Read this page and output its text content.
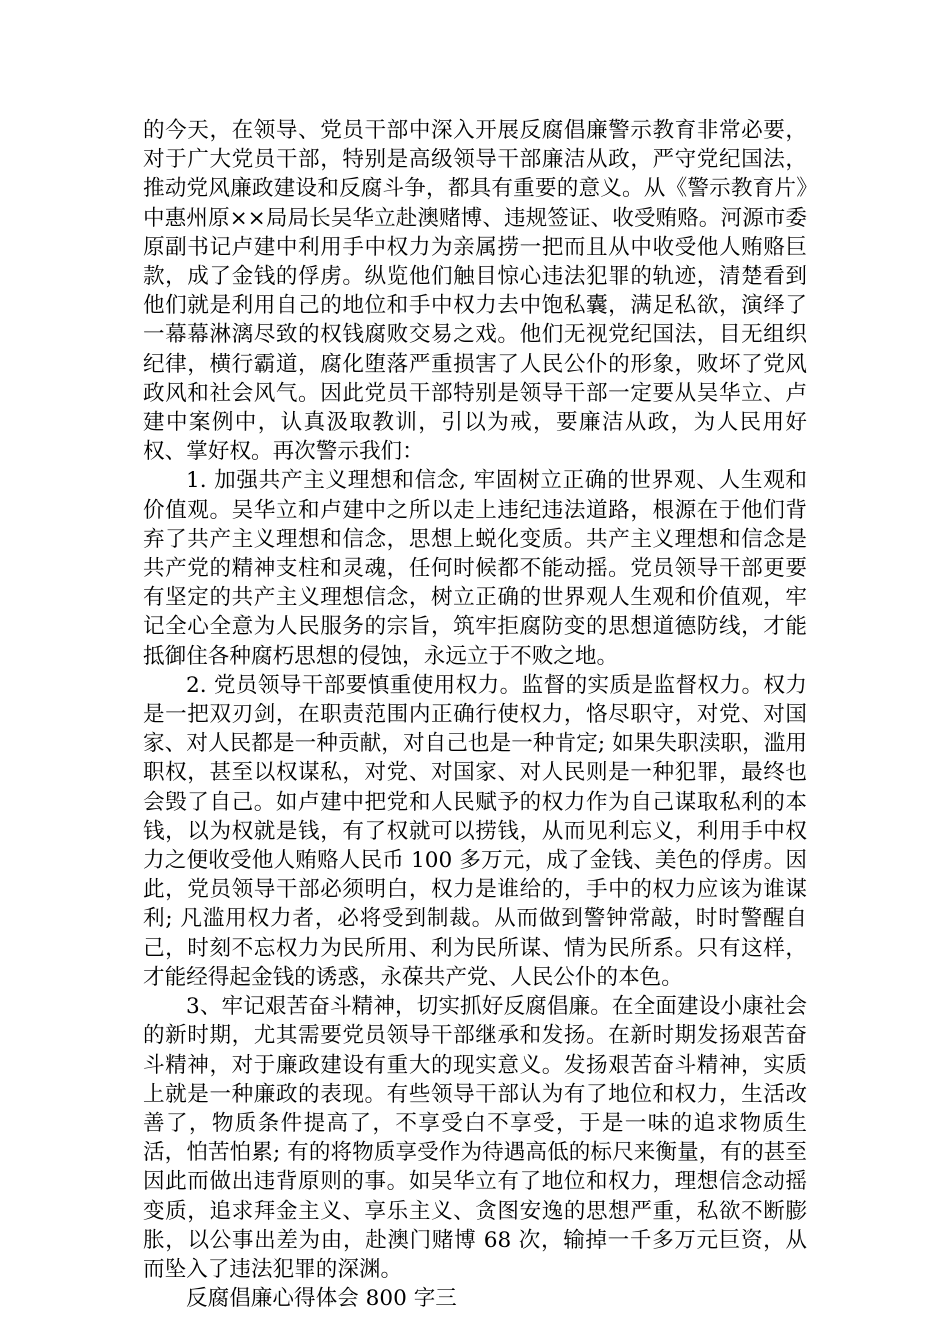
的今天，在领导、党员干部中深入开展反腐倡廉警示教育非常必要，对于广大党员干部，特别是高级领导干部廉洁从政，严守党纪国法，推动党风廉政建设和反腐斗争，都具有重要的意义。从《警示教育片》中惠州原××局局长吴华立赴澳赌博、违规签证、收受贿赂。河源市委原副书记卢建中利用手中权力为亲属捞一把而且从中收受他人贿赂巨款，成了金钱的俘虏。纵览他们触目惊心违法犯罪的轨迹，清楚看到他们就是利用自己的地位和手中权力去中饱私囊，满足私欲，演绎了一幕幕淋漓尽致的权钱腐败交易之戏。他们无视党纪国法，目无组织纪律，横行霸道，腐化堕落严重损害了人民公仆的形象，败坏了党风政风和社会风气。因此党员干部特别是领导干部一定要从吴华立、卢建中案例中，认真汲取教训，引以为戒，要廉洁从政，为人民用好权、掌好权。再次警示我们：

1. 加强共产主义理想和信念, 牢固树立正确的世界观、人生观和价值观。吴华立和卢建中之所以走上违纪违法道路，根源在于他们背弃了共产主义理想和信念，思想上蜕化变质。共产主义理想和信念是共产党的精神支柱和灵魂，任何时候都不能动摇。党员领导干部更要有坚定的共产主义理想信念，树立正确的世界观人生观和价值观，牢记全心全意为人民服务的宗旨，筑牢拒腐防变的思想道德防线，才能抵御住各种腐朽思想的侵蚀，永远立于不败之地。

2. 党员领导干部要慎重使用权力。监督的实质是监督权力。权力是一把双刃剑，在职责范围内正确行使权力，恪尽职守，对党、对国家、对人民都是一种贡献，对自己也是一种肯定; 如果失职渎职，滥用职权，甚至以权谋私，对党、对国家、对人民则是一种犯罪，最终也会毁了自己。如卢建中把党和人民赋予的权力作为自己谋取私利的本钱，以为权就是钱，有了权就可以捞钱，从而见利忘义，利用手中权力之便收受他人贿赂人民币 100 多万元，成了金钱、美色的俘虏。因此，党员领导干部必须明白，权力是谁给的，手中的权力应该为谁谋利; 凡滥用权力者，必将受到制裁。从而做到警钟常敲，时时警醒自己，时刻不忘权力为民所用、利为民所谋、情为民所系。只有这样，才能经得起金钱的诱惑，永葆共产党、人民公仆的本色。

3、牢记艰苦奋斗精神，切实抓好反腐倡廉。在全面建设小康社会的新时期，尤其需要党员领导干部继承和发扬。在新时期发扬艰苦奋斗精神，对于廉政建设有重大的现实意义。发扬艰苦奋斗精神，实质上就是一种廉政的表现。有些领导干部认为有了地位和权力，生活改善了，物质条件提高了，不享受白不享受，于是一味的追求物质生活，怕苦怕累; 有的将物质享受作为待遇高低的标尺来衡量，有的甚至因此而做出违背原则的事。如吴华立有了地位和权力，理想信念动摇变质，追求拜金主义、享乐主义、贪图安逸的思想严重，私欲不断膨胀，以公事出差为由，赴澳门赌博 68 次，输掉一千多万元巨资，从而坠入了违法犯罪的深渊。

反腐倡廉心得体会 800 字三
